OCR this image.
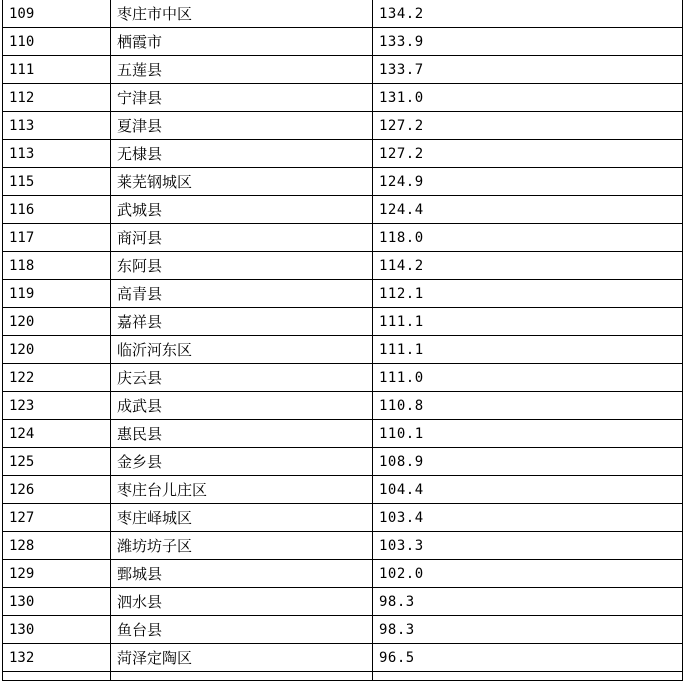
109	枣庄市中区	134.2
110	栖霞市	133.9
111	五莲县	133.7
112	宁津县	131.0
113	夏津县	127.2
113	无棣县	127.2
115	莱芜钢城区	124.9
116	武城县	124.4
117	商河县	118.0
118	东阿县	114.2
119	高青县	112.1
120	嘉祥县	111.1
120	临沂河东区	111.1
122	庆云县	111.0
123	成武县	110.8
124	惠民县	110.1
125	金乡县	108.9
126	枣庄台儿庄区	104.4
127	枣庄峄城区	103.4
128	潍坊坊子区	103.3
129	鄄城县	102.0
130	泗水县	98.3
130	鱼台县	98.3
132	菏泽定陶区	96.5
